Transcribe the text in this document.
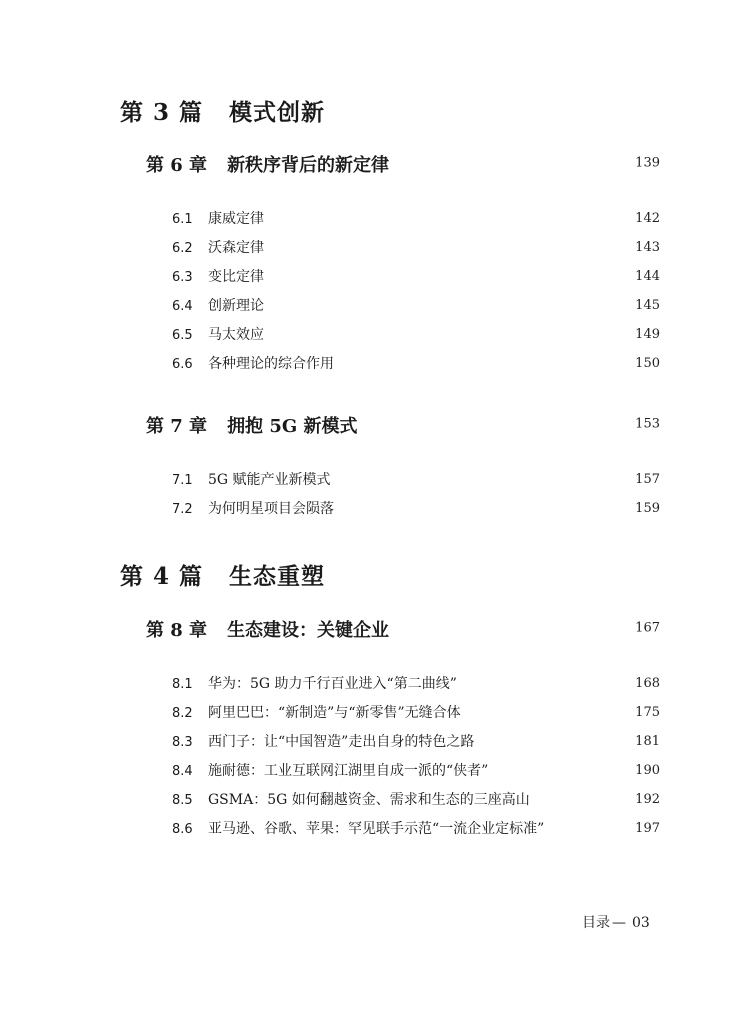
第 3 篇 模式创新
第 6 章 新秩序背后的新定律	139
6.1 康威定律	142
6.2 沃森定律	143
6.3 变比定律	144
6.4 创新理论	145
6.5 马太效应	149
6.6 各种理论的综合作用	150
第 7 章 拥抱 5G 新模式	153
7.1 5G 赋能产业新模式	157
7.2 为何明星项目会陨落	159
第 4 篇 生态重塑
第 8 章 生态建设：关键企业	167
8.1 华为：5G 助力千行百业进入“第二曲线”	168
8.2 阿里巴巴：“新制造”与“新零售”无缝合体	175
8.3 西门子：让“中国智造”走出自身的特色之路	181
8.4 施耐德：工业互联网江湖里自成一派的“侠者”	190
8.5 GSMA：5G 如何翻越资金、需求和生态的三座高山	192
8.6 亚马逊、谷歌、苹果：罕见联手示范“一流企业定标准”	197
目录 — 03
